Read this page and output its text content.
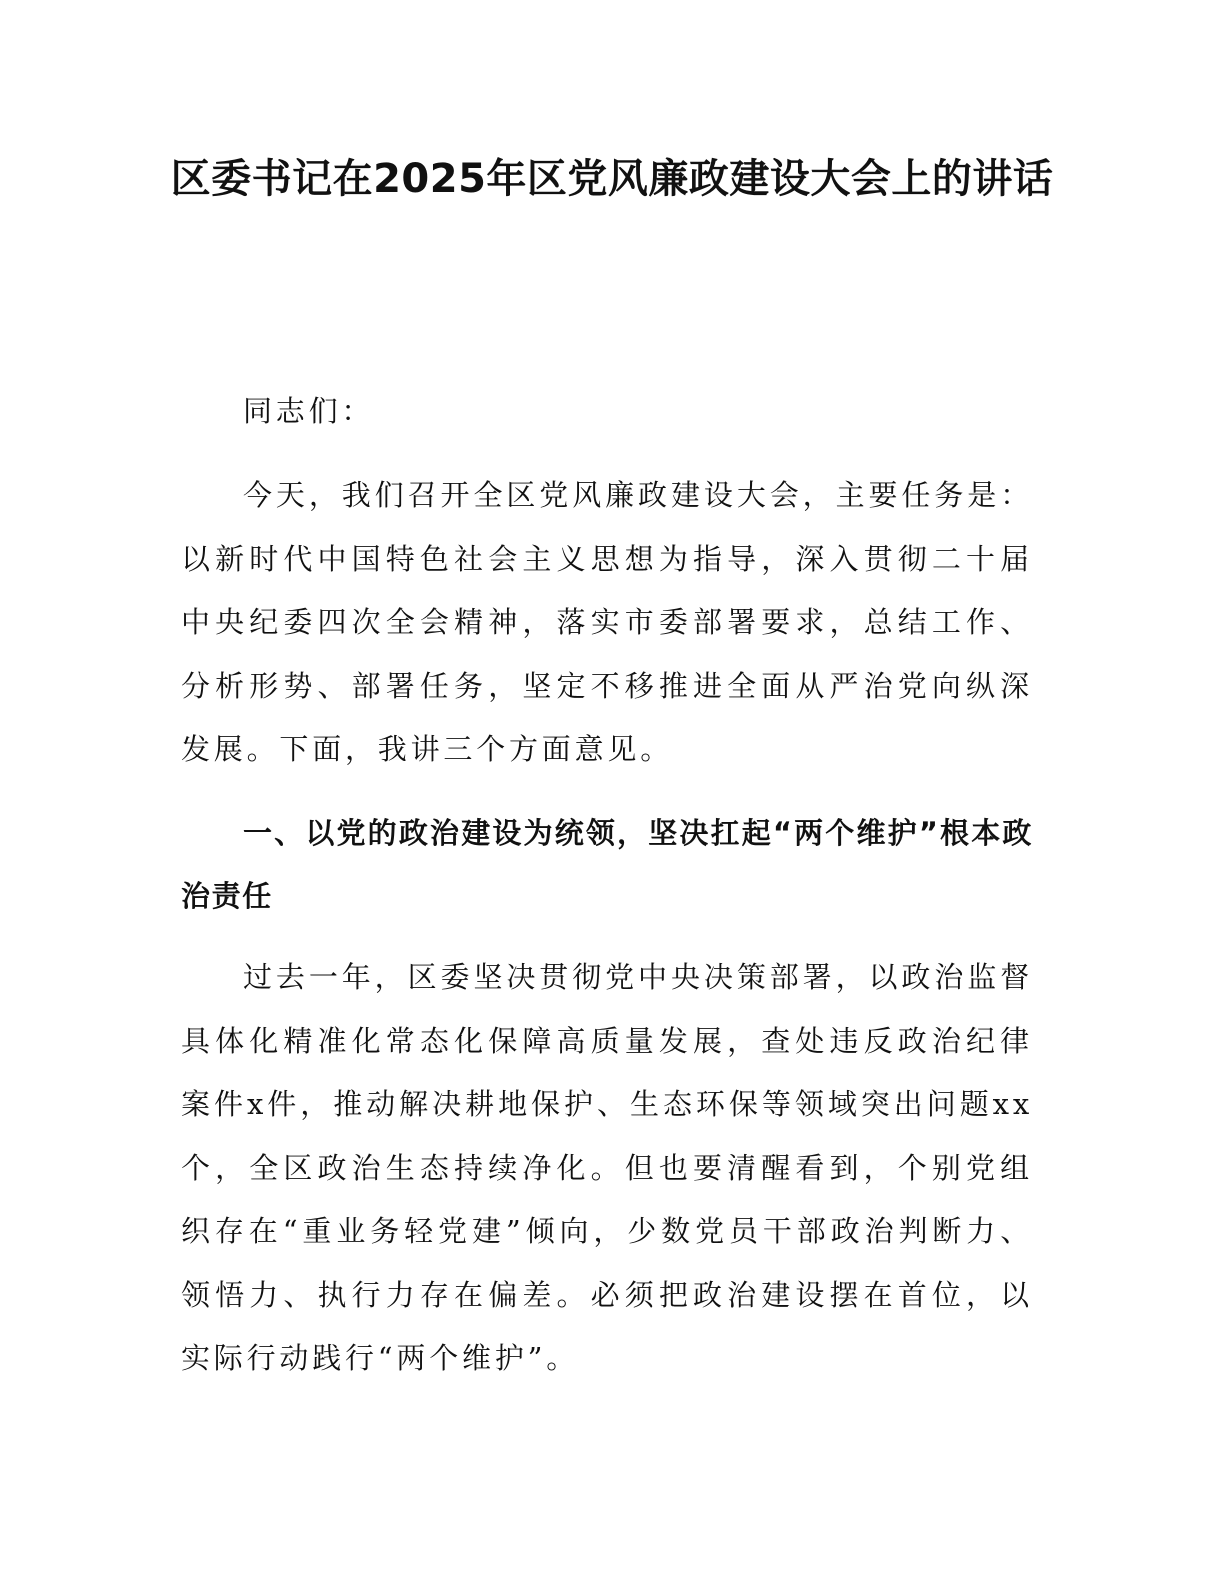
区委书记在2025年区党风廉政建设大会上的讲话

同志们：

今天，我们召开全区党风廉政建设大会，主要任务是：以新时代中国特色社会主义思想为指导，深入贯彻二十届中央纪委四次全会精神，落实市委部署要求，总结工作、分析形势、部署任务，坚定不移推进全面从严治党向纵深发展。下面，我讲三个方面意见。

一、以党的政治建设为统领，坚决扛起“两个维护”根本政治责任

过去一年，区委坚决贯彻党中央决策部署，以政治监督具体化精准化常态化保障高质量发展，查处违反政治纪律案件x件，推动解决耕地保护、生态环保等领域突出问题xx个，全区政治生态持续净化。但也要清醒看到，个别党组织存在“重业务轻党建”倾向，少数党员干部政治判断力、领悟力、执行力存在偏差。必须把政治建设摆在首位，以实际行动践行“两个维护”。
